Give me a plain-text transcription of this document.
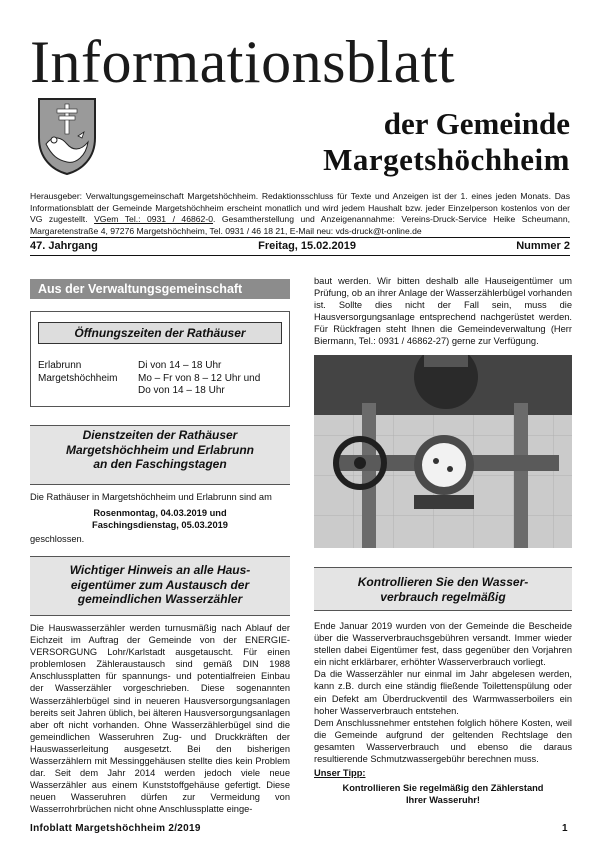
Informationsblatt
der Gemeinde
Margetshöchheim
Herausgeber: Verwaltungsgemeinschaft Margetshöchheim. Redaktionsschluss für Texte und Anzeigen ist der 1. eines jeden Monats. Das Informationsblatt der Gemeinde Margetshöchheim erscheint monatlich und wird jedem Haushalt bzw. jeder Einzelperson kostenlos von der VG zugestellt. VGem Tel.: 0931 / 46862-0. Gesamtherstellung und Anzeigenannahme: Vereins-Druck-Service Heike Scheumann, Margaretenstraße 4, 97276 Margetshöchheim, Tel. 0931 / 46 18 21, E-Mail neu: vds-druck@t-online.de
47. Jahrgang	Freitag, 15.02.2019	Nummer 2
Aus der Verwaltungsgemeinschaft
Öffnungszeiten der Rathäuser
Erlabrunn	Di von 14 – 18 Uhr
Margetshöchheim	Mo – Fr von 8 – 12 Uhr und
Do von 14 – 18 Uhr
Dienstzeiten der Rathäuser
Margetshöchheim und Erlabrunn
an den Faschingstagen
Die Rathäuser in Margetshöchheim und Erlabrunn sind am
Rosenmontag, 04.03.2019 und
Faschingsdienstag, 05.03.2019
geschlossen.
Wichtiger Hinweis an alle Haus-
eigentümer zum Austausch der
gemeindlichen Wasserzähler
Die Hauswasserzähler werden turnusmäßig nach Ablauf der Eichzeit im Auftrag der Gemeinde von der ENERGIE-VERSORGUNG Lohr/Karlstadt ausgetauscht. Für einen problemlosen Zähleraustausch sind gemäß DIN 1988 Anschlussplatten für spannungs- und potentialfreien Einbau der Wasserzähler vorgeschrieben. Diese sogenannten Wasserzählerbügel sind in neueren Hausversorgungsanlagen bereits seit Jahren üblich, bei älteren Hausversorgungsanlagen aber oft nicht vorhanden. Ohne Wasserzählerbügel sind die gemeindlichen Wasseruhren Zug- und Druckkräften der Hauswasserleitung ausgesetzt. Bei den bisherigen Wasserzählern mit Messinggehäusen stellte dies kein Problem dar. Seit dem Jahr 2014 werden jedoch viele neue Wasserzähler aus einem Kunststoffgehäuse gefertigt. Diese neuen Wasseruhren dürfen zur Vermeidung von Wasserrohrbrüchen nicht ohne Anschlussplatte einge-
baut werden. Wir bitten deshalb alle Hauseigentümer um Prüfung, ob an ihrer Anlage der Wasserzählerbügel vorhanden ist. Sollte dies nicht der Fall sein, muss die Hausversorgungsanlage entsprechend nachgerüstet werden. Für Rückfragen steht Ihnen die Gemeindeverwaltung (Herr Biermann, Tel.: 0931 / 46862-27) gerne zur Verfügung.
Kontrollieren Sie den Wasser-
verbrauch regelmäßig
Ende Januar 2019 wurden von der Gemeinde die Bescheide über die Wasserverbrauchsgebühren versandt. Immer wieder stellen dabei Eigentümer fest, dass gegenüber den Vorjahren ein nicht erklärbarer, erhöhter Wasserverbrauch vorliegt.
Da die Wasserzähler nur einmal im Jahr abgelesen werden, kann z.B. durch eine ständig fließende Toilettenspülung oder ein Defekt am Überdruckventil des Warmwasserboilers ein hoher Wasserverbrauch entstehen.
Dem Anschlussnehmer entstehen folglich höhere Kosten, weil die Gemeinde aufgrund der geltenden Rechtslage den gesamten Wasserverbrauch und ebenso die daraus resultierende Schmutzwassergebühr berechnen muss.
Unser Tipp:
Kontrollieren Sie regelmäßig den Zählerstand
Ihrer Wasseruhr!
Infoblatt Margetshöchheim 2/2019	1
